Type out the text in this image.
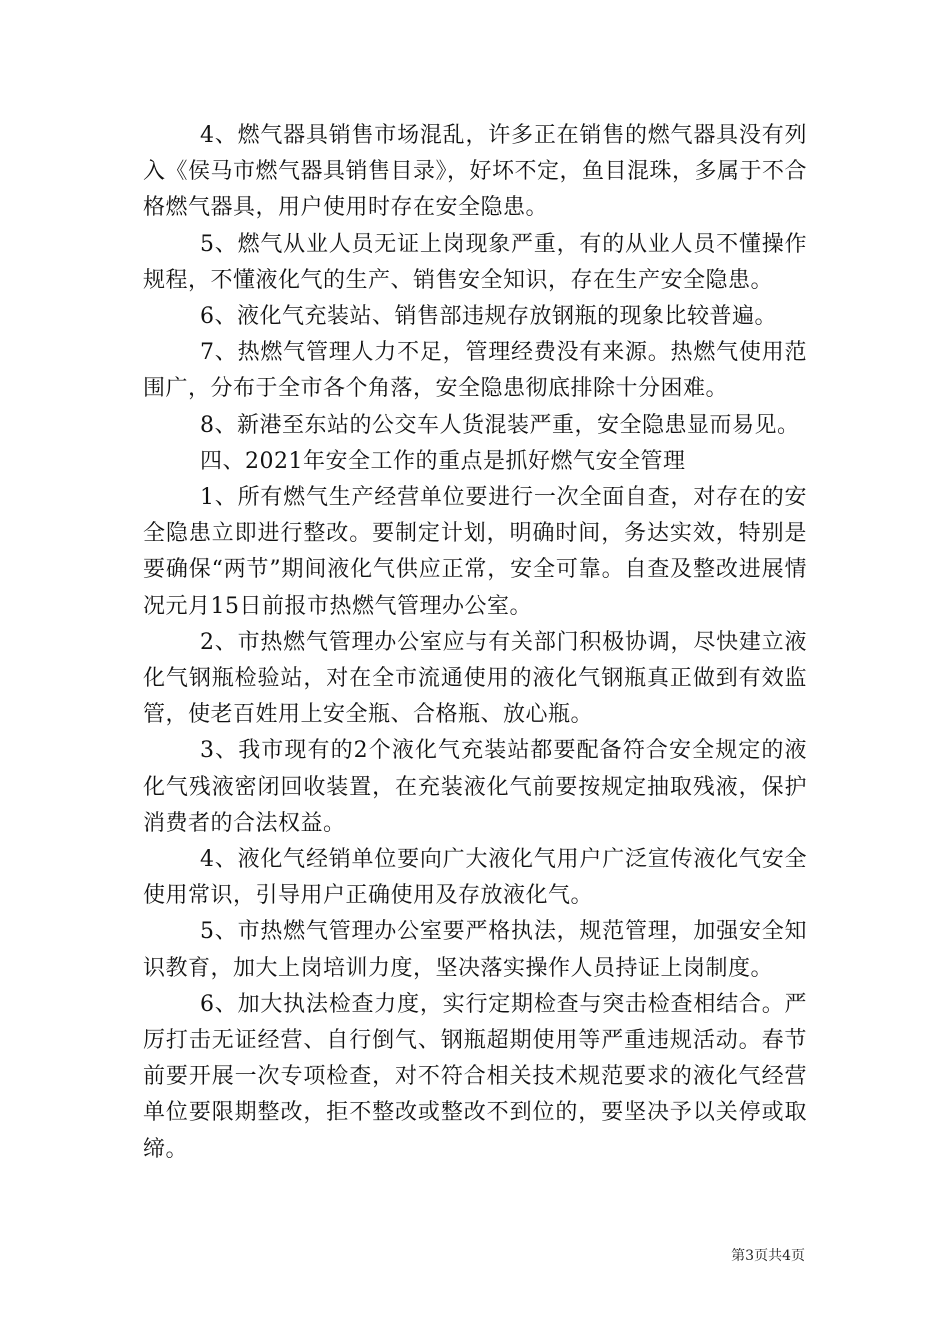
4、燃气器具销售市场混乱，许多正在销售的燃气器具没有列入《侯马市燃气器具销售目录》，好坏不定，鱼目混珠，多属于不合格燃气器具，用户使用时存在安全隐患。

5、燃气从业人员无证上岗现象严重，有的从业人员不懂操作规程，不懂液化气的生产、销售安全知识，存在生产安全隐患。

6、液化气充装站、销售部违规存放钢瓶的现象比较普遍。

7、热燃气管理人力不足，管理经费没有来源。热燃气使用范围广，分布于全市各个角落，安全隐患彻底排除十分困难。

8、新港至东站的公交车人货混装严重，安全隐患显而易见。

四、2021年安全工作的重点是抓好燃气安全管理

1、所有燃气生产经营单位要进行一次全面自查，对存在的安全隐患立即进行整改。要制定计划，明确时间，务达实效，特别是要确保“两节”期间液化气供应正常，安全可靠。自查及整改进展情况元月15日前报市热燃气管理办公室。

2、市热燃气管理办公室应与有关部门积极协调，尽快建立液化气钢瓶检验站，对在全市流通使用的液化气钢瓶真正做到有效监管，使老百姓用上安全瓶、合格瓶、放心瓶。

3、我市现有的2个液化气充装站都要配备符合安全规定的液化气残液密闭回收装置，在充装液化气前要按规定抽取残液，保护消费者的合法权益。

4、液化气经销单位要向广大液化气用户广泛宣传液化气安全使用常识，引导用户正确使用及存放液化气。

5、市热燃气管理办公室要严格执法，规范管理，加强安全知识教育，加大上岗培训力度，坚决落实操作人员持证上岗制度。

6、加大执法检查力度，实行定期检查与突击检查相结合。严厉打击无证经营、自行倒气、钢瓶超期使用等严重违规活动。春节前要开展一次专项检查，对不符合相关技术规范要求的液化气经营单位要限期整改，拒不整改或整改不到位的，要坚决予以关停或取缔。

第3页共4页
